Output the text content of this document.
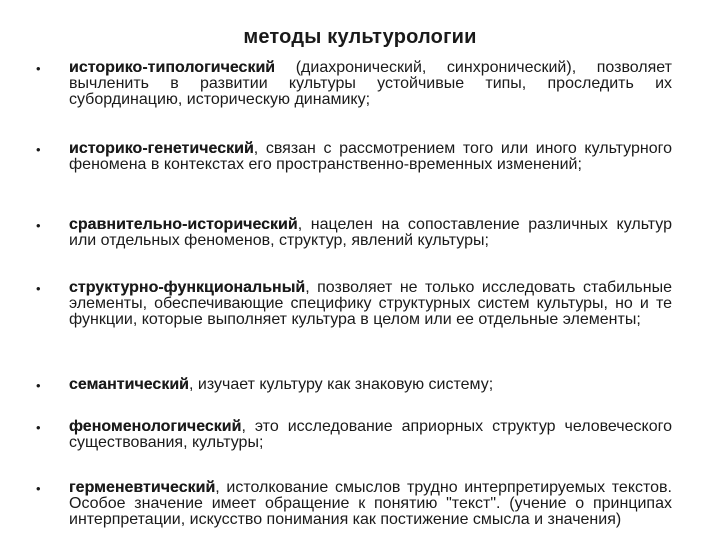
методы культурологии
• историко-типологический (диахронический, синхронический), позволяет вычленить в развитии культуры устойчивые типы, проследить их субординацию, историческую динамику;
• историко-генетический, связан с рассмотрением того или иного культурного феномена в контекстах его пространственно-временных изменений;
• сравнительно-исторический, нацелен на сопоставление различных культур или отдельных феноменов, структур, явлений культуры;
• структурно-функциональный, позволяет не только исследовать стабильные элементы, обеспечивающие специфику структурных систем культуры, но и те функции, которые выполняет культура в целом или ее отдельные элементы;
• семантический, изучает культуру как знаковую систему;
• феноменологический, это исследование априорных структур человеческого существования, культуры;
• герменевтический, истолкование смыслов трудно интерпретируемых текстов. Особое значение имеет обращение к понятию "текст". (учение о принципах интерпретации, искусство понимания как постижение смысла и значения)
